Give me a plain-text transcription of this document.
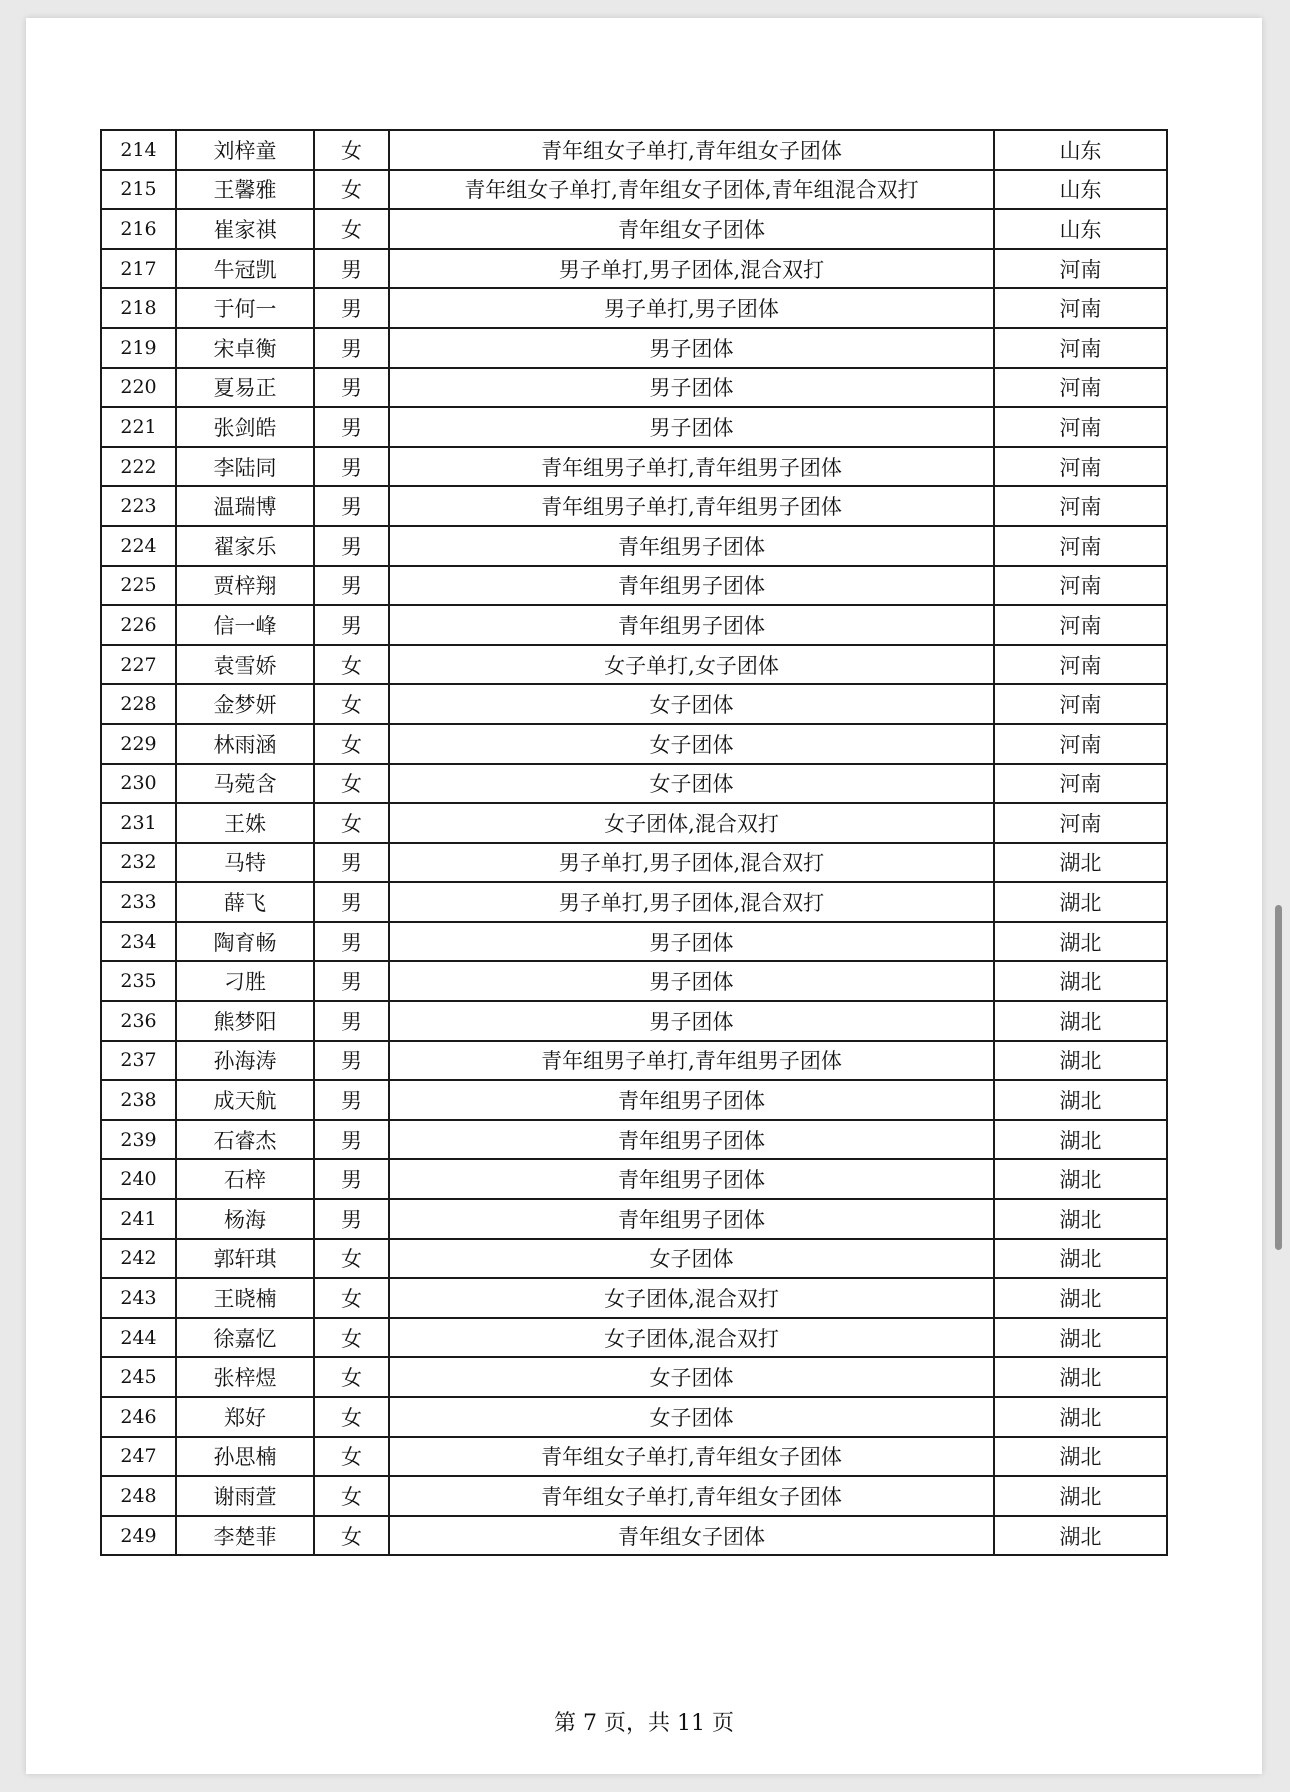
214	刘梓童	女	青年组女子单打,青年组女子团体	山东
215	王馨雅	女	青年组女子单打,青年组女子团体,青年组混合双打	山东
216	崔家祺	女	青年组女子团体	山东
217	牛冠凯	男	男子单打,男子团体,混合双打	河南
218	于何一	男	男子单打,男子团体	河南
219	宋卓衡	男	男子团体	河南
220	夏易正	男	男子团体	河南
221	张剑皓	男	男子团体	河南
222	李陆同	男	青年组男子单打,青年组男子团体	河南
223	温瑞博	男	青年组男子单打,青年组男子团体	河南
224	翟家乐	男	青年组男子团体	河南
225	贾梓翔	男	青年组男子团体	河南
226	信一峰	男	青年组男子团体	河南
227	袁雪娇	女	女子单打,女子团体	河南
228	金梦妍	女	女子团体	河南
229	林雨涵	女	女子团体	河南
230	马菀含	女	女子团体	河南
231	王姝	女	女子团体,混合双打	河南
232	马特	男	男子单打,男子团体,混合双打	湖北
233	薛飞	男	男子单打,男子团体,混合双打	湖北
234	陶育畅	男	男子团体	湖北
235	刁胜	男	男子团体	湖北
236	熊梦阳	男	男子团体	湖北
237	孙海涛	男	青年组男子单打,青年组男子团体	湖北
238	成天航	男	青年组男子团体	湖北
239	石睿杰	男	青年组男子团体	湖北
240	石梓	男	青年组男子团体	湖北
241	杨海	男	青年组男子团体	湖北
242	郭轩琪	女	女子团体	湖北
243	王晓楠	女	女子团体,混合双打	湖北
244	徐嘉忆	女	女子团体,混合双打	湖北
245	张梓煜	女	女子团体	湖北
246	郑好	女	女子团体	湖北
247	孙思楠	女	青年组女子单打,青年组女子团体	湖北
248	谢雨萱	女	青年组女子单打,青年组女子团体	湖北
249	李楚菲	女	青年组女子团体	湖北
第 7 页，共 11 页
